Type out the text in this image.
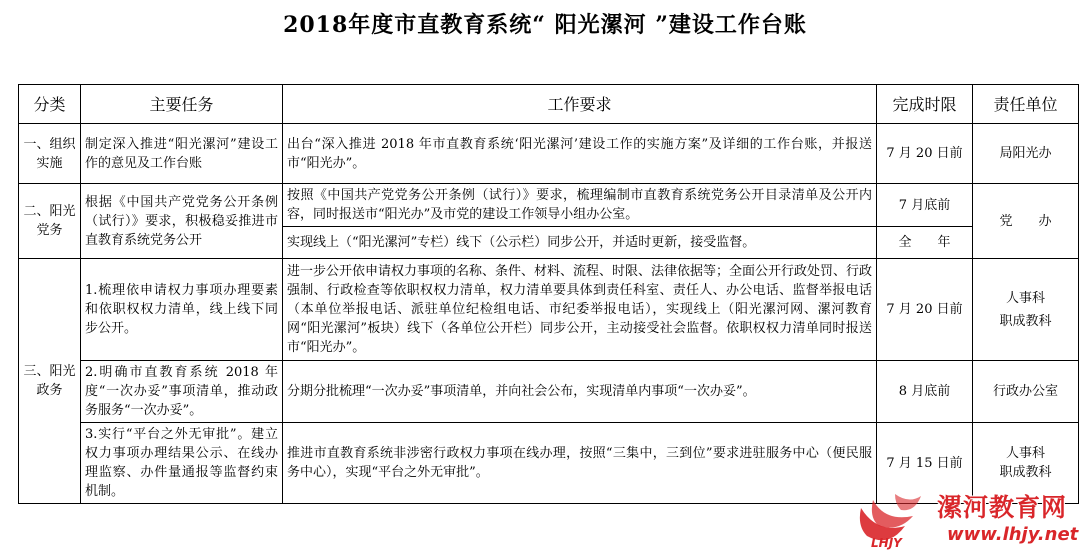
2018年度市直教育系统“ 阳光漯河 ”建设工作台账
分类	主要任务	工作要求	完成时限	责任单位
一、组织实施	制定深入推进“阳光漯河”建设工作的意见及工作台账	出台“深入推进 2018 年市直教育系统‘阳光漯河’建设工作的实施方案”及详细的工作台账，并报送市“阳光办”。	7 月 20 日前	局阳光办
二、阳光党务	根据《中国共产党党务公开条例（试行）》要求，积极稳妥推进市直教育系统党务公开	按照《中国共产党党务公开条例（试行）》要求，梳理编制市直教育系统党务公开目录清单及公开内容，同时报送市“阳光办”及市党的建设工作领导小组办公室。	7 月底前	党　　办
		实现线上（“阳光漯河”专栏）线下（公示栏）同步公开，并适时更新，接受监督。	全　　年	
三、阳光政务	1.梳理依申请权力事项办理要素和依职权权力清单，线上线下同步公开。	进一步公开依申请权力事项的名称、条件、材料、流程、时限、法律依据等；全面公开行政处罚、行政强制、行政检查等依职权权力清单，权力清单要具体到责任科室、责任人、办公电话、监督举报电话（本单位举报电话、派驻单位纪检组电话、市纪委举报电话），实现线上（阳光漯河网、漯河教育网“阳光漯河”板块）线下（各单位公开栏）同步公开，主动接受社会监督。依职权权力清单同时报送市“阳光办”。	7 月 20 日前	人事科
职成教科

	2.明确市直教育系统 2018 年度“一次办妥”事项清单，推动政务服务“一次办妥”。	分期分批梳理“一次办妥”事项清单，并向社会公布，实现清单内事项“一次办妥”。	8 月底前	行政办公室
	3.实行“平台之外无审批”。建立权力事项办理结果公示、在线办理监察、办件量通报等监督约束机制。	推进市直教育系统非涉密行政权力事项在线办理，按照“三集中，三到位”要求进驻服务中心（便民服务中心），实现“平台之外无审批”。	7 月 15 日前	人事科
职成教科
LHJY
漯河教育网
www.lhjy.net
